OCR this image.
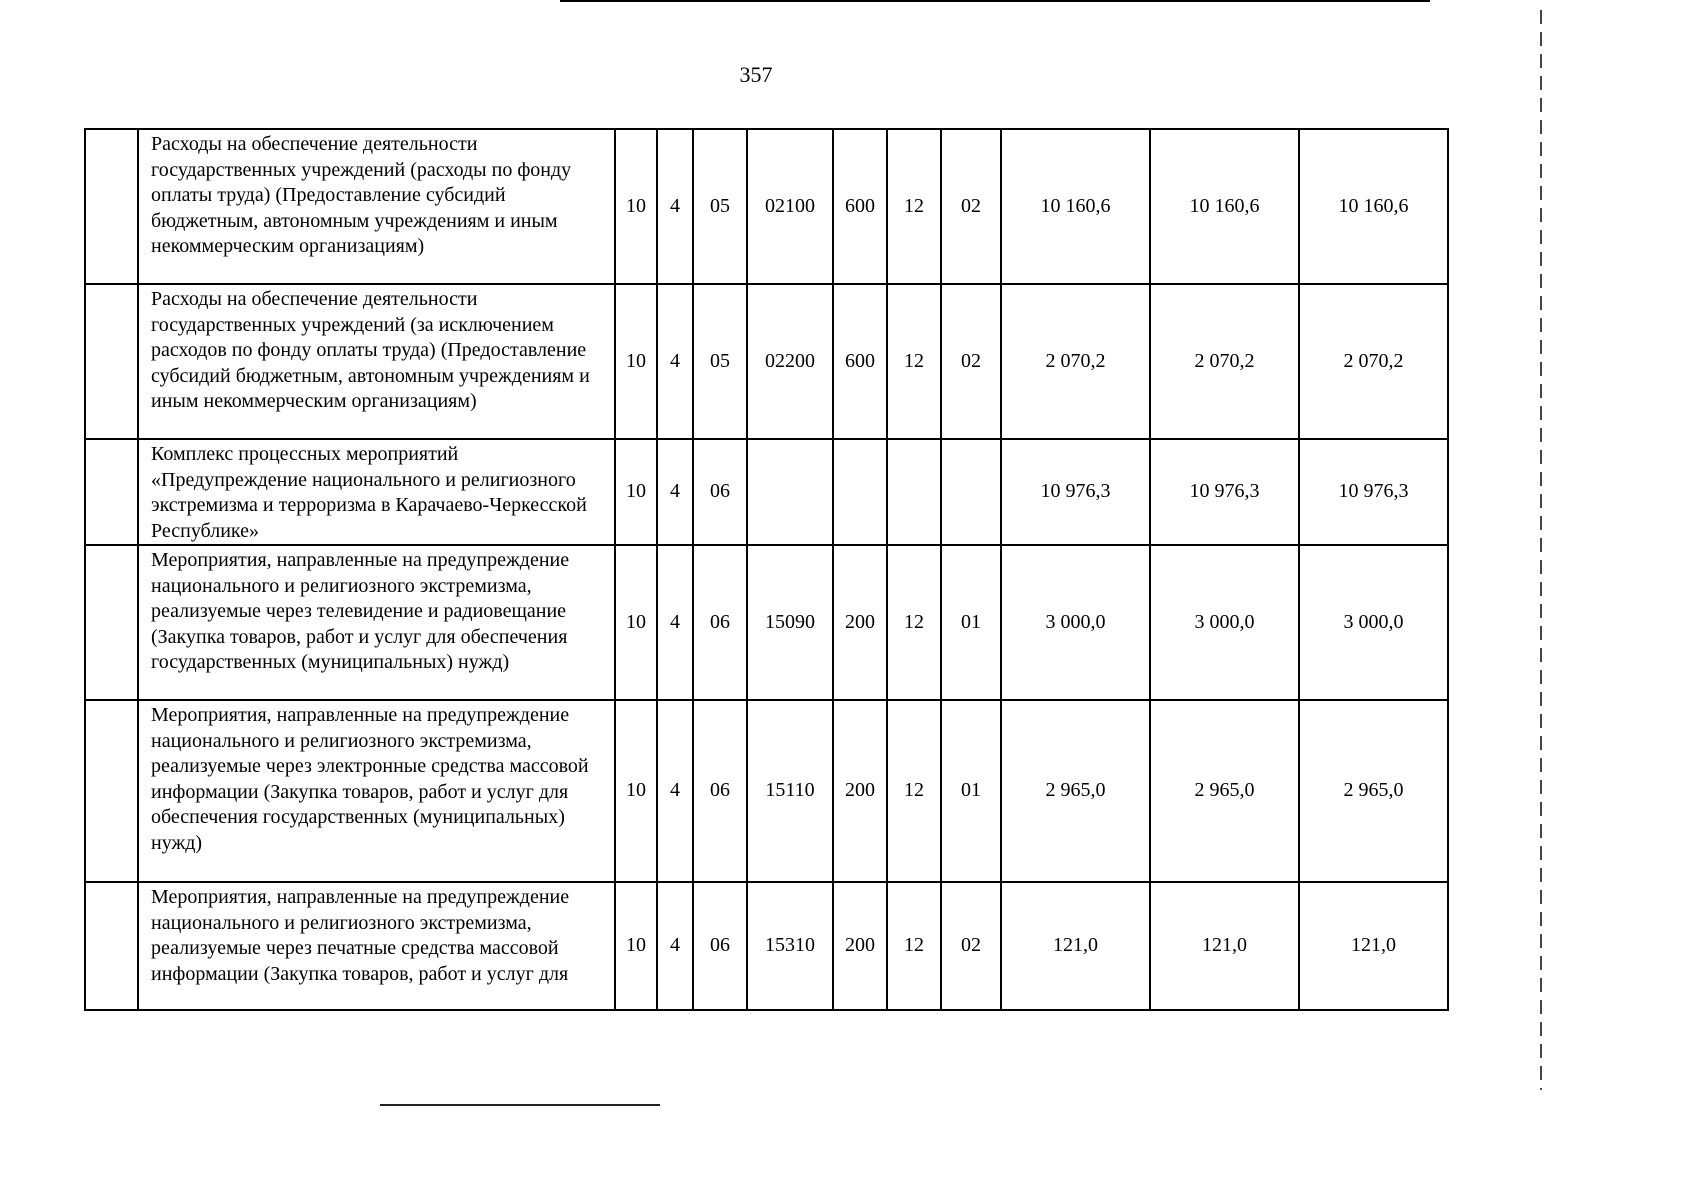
357
	Расходы на обеспечение деятельности государственных учреждений (расходы по фонду оплаты труда) (Предоставление субсидий бюджетным, автономным учреждениям и иным некоммерческим организациям)	10	4	05	02100	600	12	02	10 160,6	10 160,6	10 160,6
	Расходы на обеспечение деятельности государственных учреждений (за исключением расходов по фонду оплаты труда) (Предоставление субсидий бюджетным, автономным учреждениям и иным некоммерческим организациям)	10	4	05	02200	600	12	02	2 070,2	2 070,2	2 070,2
	Комплекс процессных мероприятий «Предупреждение национального и религиозного экстремизма и терроризма в Карачаево-Черкесской Республике»	10	4	06					10 976,3	10 976,3	10 976,3
	Мероприятия, направленные на предупреждение национального и религиозного экстремизма, реализуемые через телевидение и радиовещание (Закупка товаров, работ и услуг для обеспечения государственных (муниципальных) нужд)	10	4	06	15090	200	12	01	3 000,0	3 000,0	3 000,0
	Мероприятия, направленные на предупреждение национального и религиозного экстремизма, реализуемые через электронные средства массовой информации (Закупка товаров, работ и услуг для обеспечения государственных (муниципальных) нужд)	10	4	06	15110	200	12	01	2 965,0	2 965,0	2 965,0
	Мероприятия, направленные на предупреждение национального и религиозного экстремизма, реализуемые через печатные средства массовой информации (Закупка товаров, работ и услуг для	10	4	06	15310	200	12	02	121,0	121,0	121,0
